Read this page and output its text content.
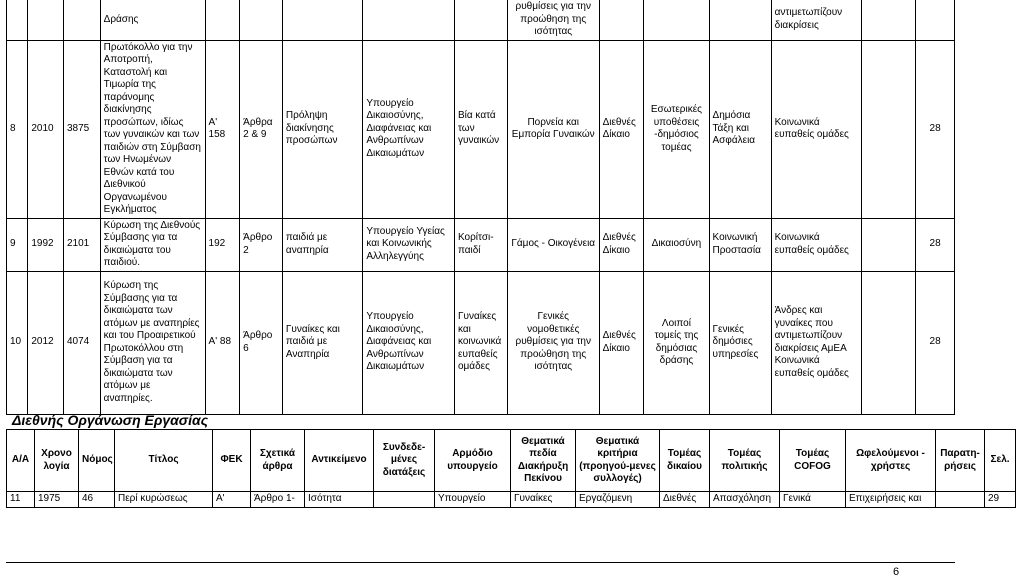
			Δράσης						ρυθμίσεις για την προώθηση της ισότητας				αντιμετωπίζουν διακρίσεις		
8	2010	3875	Πρωτόκολλο για την Αποτροπή, Καταστολή και Τιμωρία της παράνομης διακίνησης προσώπων, ιδίως των γυναικών και των παιδιών στη Σύμβαση των Ηνωμένων Εθνών κατά του Διεθνικού Οργανωμένου Εγκλήματος	Α' 158	Άρθρα 2 & 9	Πρόληψη διακίνησης προσώπων	Υπουργείο Δικαιοσύνης, Διαφάνειας και Ανθρωπίνων Δικαιωμάτων	Βία κατά των γυναικών	Πορνεία και Εμπορία Γυναικών	Διεθνές Δίκαιο	Εσωτερικές υποθέσεις -δημόσιος τομέας	Δημόσια Τάξη και Ασφάλεια	Κοινωνικά ευπαθείς ομάδες		28
9	1992	2101	Κύρωση της Διεθνούς Σύμβασης για τα δικαιώματα του παιδιού.	192	Άρθρο 2	παιδιά με αναπηρία	Υπουργείο Υγείας και Κοινωνικής Αλληλεγγύης	Κορίτσι-παιδί	Γάμος - Οικογένεια	Διεθνές Δίκαιο	Δικαιοσύνη	Κοινωνική Προστασία	Κοινωνικά ευπαθείς ομάδες		28
10	2012	4074	Κύρωση της Σύμβασης για τα δικαιώματα των ατόμων με αναπηρίες και του Προαιρετικού Πρωτοκόλλου στη Σύμβαση για τα δικαιώματα των ατόμων με αναπηρίες.	Α' 88	Άρθρο 6	Γυναίκες και παιδιά με Αναπηρία	Υπουργείο Δικαιοσύνης, Διαφάνειας και Ανθρωπίνων Δικαιωμάτων	Γυναίκες και κοινωνικά ευπαθείς ομάδες	Γενικές νομοθετικές ρυθμίσεις για την προώθηση της ισότητας	Διεθνές Δίκαιο	Λοιποί τομείς της δημόσιας δράσης	Γενικές δημόσιες υπηρεσίες	Άνδρες και γυναίκες που αντιμετωπίζουν διακρίσεις ΑμΕΑ Κοινωνικά ευπαθείς ομάδες		28
Διεθνής Οργάνωση Εργασίας
Α/Α	Χρονο λογία	Νόμος	Τίτλος	ΦΕΚ	Σχετικά άρθρα	Αντικείμενο	Συνδεδε-μένες διατάξεις	Αρμόδιο υπουργείο	Θεματικά πεδία Διακήρυξη Πεκίνου	Θεματικά κριτήρια (προηγού-μενες συλλογές)	Τομέας δικαίου	Τομέας πολιτικής	Τομέας COFOG	Ωφελούμενοι - χρήστες	Παρατη-ρήσεις	Σελ.
11	1975	46	Περί κυρώσεως	Α'	Άρθρο 1-	Ισότητα		Υπουργείο	Γυναίκες	Εργαζόμενη	Διεθνές	Απασχόληση	Γενικά	Επιχειρήσεις και		29
6
